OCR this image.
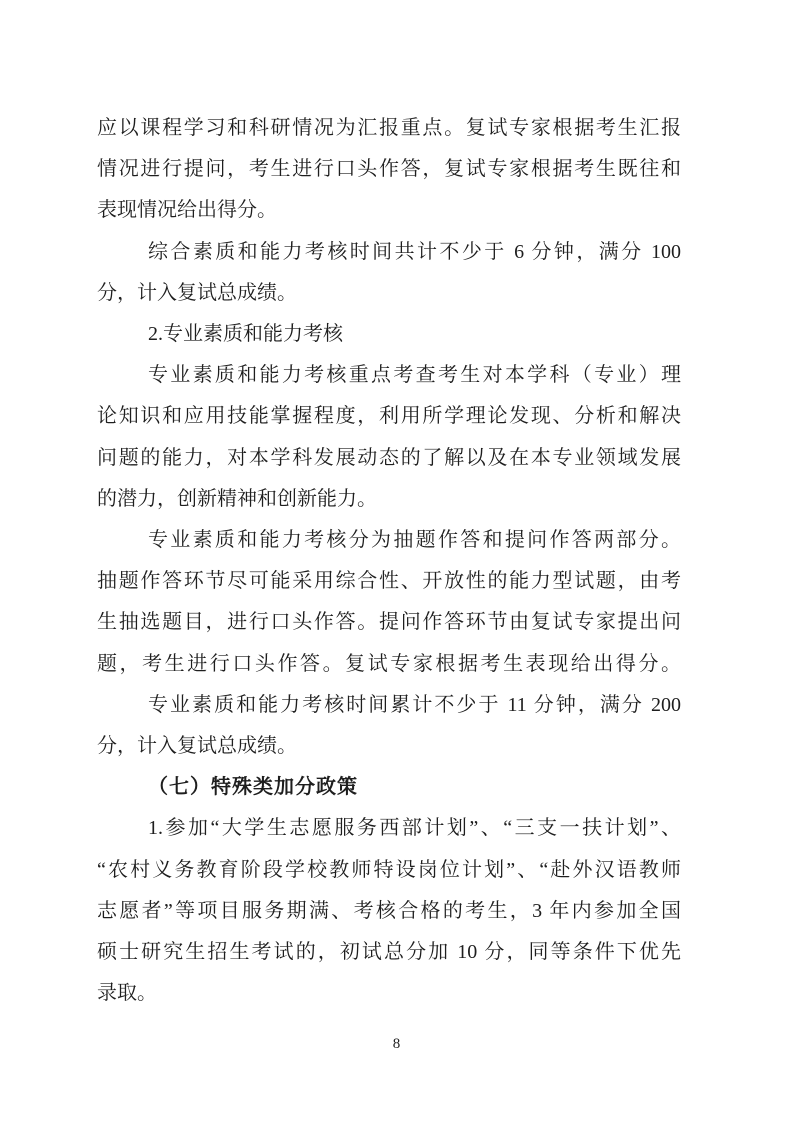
应以课程学习和科研情况为汇报重点。复试专家根据考生汇报
情况进行提问，考生进行口头作答，复试专家根据考生既往和
表现情况给出得分。
综合素质和能力考核时间共计不少于 6 分钟，满分 100
分，计入复试总成绩。
2.专业素质和能力考核
专业素质和能力考核重点考查考生对本学科（专业）理
论知识和应用技能掌握程度，利用所学理论发现、分析和解决
问题的能力，对本学科发展动态的了解以及在本专业领域发展
的潜力，创新精神和创新能力。
专业素质和能力考核分为抽题作答和提问作答两部分。
抽题作答环节尽可能采用综合性、开放性的能力型试题，由考
生抽选题目，进行口头作答。提问作答环节由复试专家提出问
题，考生进行口头作答。复试专家根据考生表现给出得分。
专业素质和能力考核时间累计不少于 11 分钟，满分 200
分，计入复试总成绩。
（七）特殊类加分政策
1.参加“大学生志愿服务西部计划”、“三支一扶计划”、
“农村义务教育阶段学校教师特设岗位计划”、“赴外汉语教师
志愿者”等项目服务期满、考核合格的考生，3 年内参加全国
硕士研究生招生考试的，初试总分加 10 分，同等条件下优先
录取。
8
